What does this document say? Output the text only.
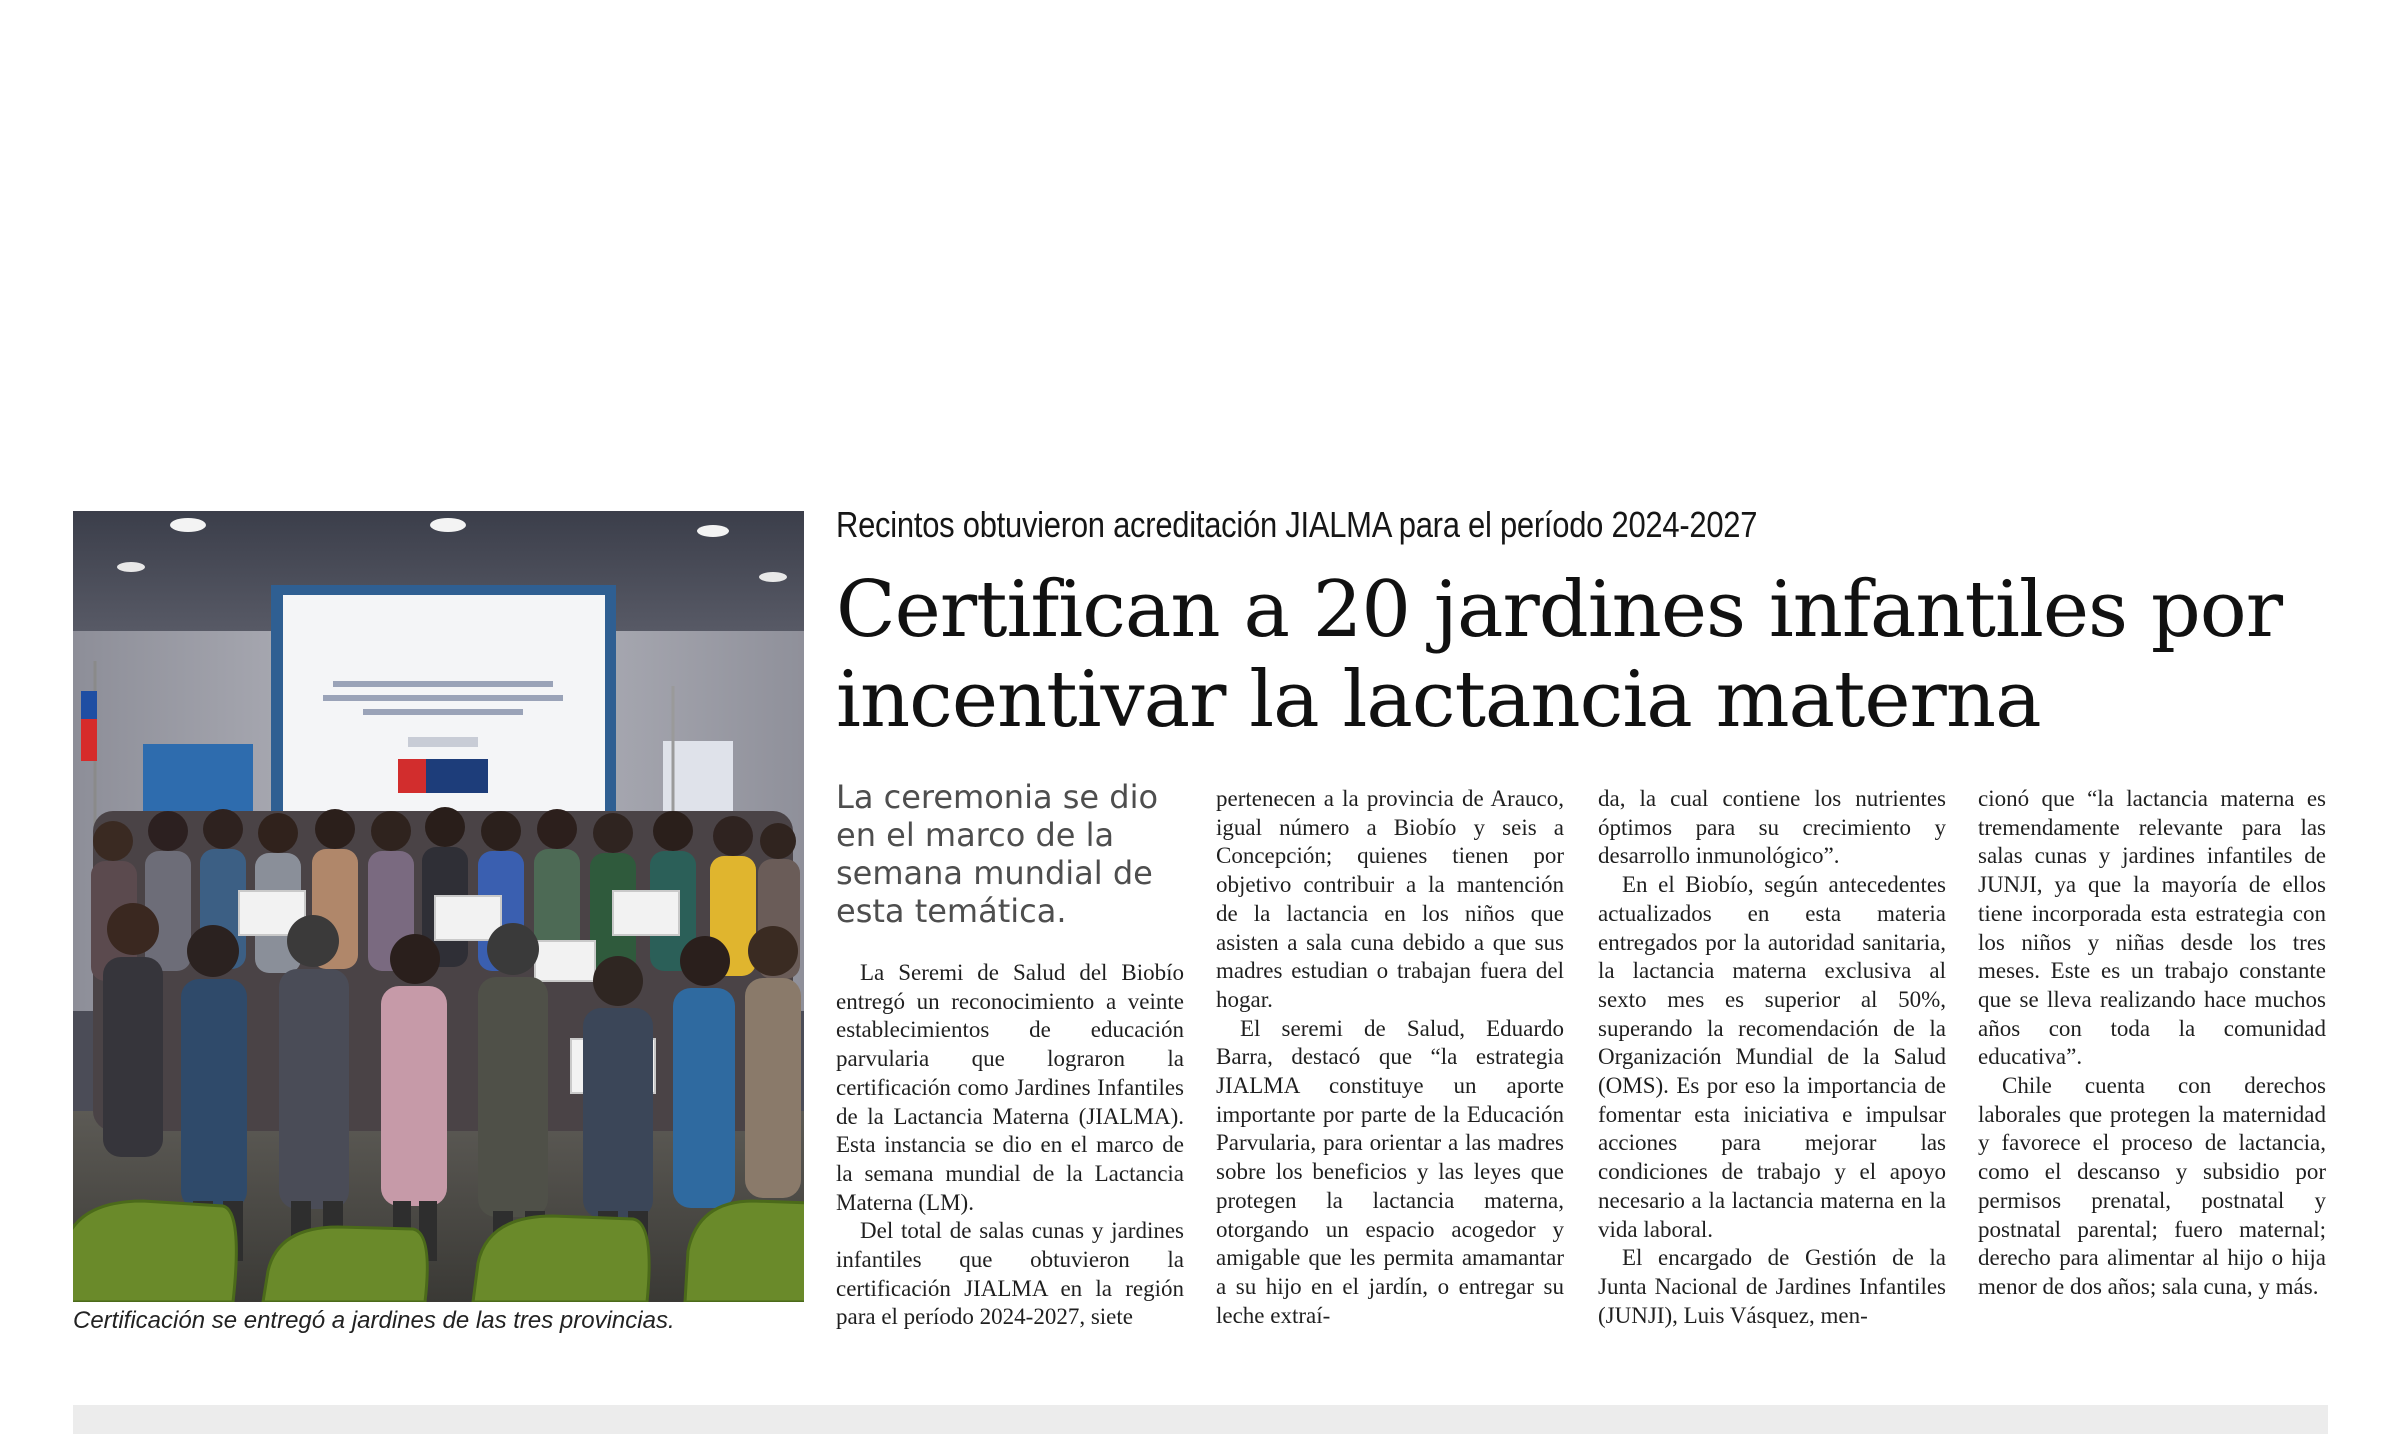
Certificación se entregó a jardines de las tres provincias.
Recintos obtuvieron acreditación JIALMA para el período 2024-2027
Certifican a 20 jardines infantiles por
incentivar la lactancia materna
La ceremonia se dio
en el marco de la
semana mundial de
esta temática.

La Seremi de Salud del Biobío entregó un reconocimiento a veinte establecimientos de educación parvularia que lograron la certificación como Jardines Infantiles de la Lactancia Materna (JIALMA). Esta instancia se dio en el marco de la semana mundial de la Lactancia Materna (LM).

Del total de salas cunas y jardines infantiles que obtuvieron la certificación JIALMA en la región para el período 2024-2027, siete

pertenecen a la provincia de Arauco, igual número a Biobío y seis a Concepción; quienes tienen por objetivo contribuir a la mantención de la lactancia en los niños que asisten a sala cuna debido a que sus madres estudian o trabajan fuera del hogar.

El seremi de Salud, Eduardo Barra, destacó que “la estrategia JIALMA constituye un aporte importante por parte de la Educación Parvularia, para orientar a las madres sobre los beneficios y las leyes que protegen la lactancia materna, otorgando un espacio acogedor y amigable que les permita amamantar a su hijo en el jardín, o entregar su leche extraí-

da, la cual contiene los nutrientes óptimos para su crecimiento y desarrollo inmunológico”.

En el Biobío, según antecedentes actualizados en esta materia entregados por la autoridad sanitaria, la lactancia materna exclusiva al sexto mes es superior al 50%, superando la recomendación de la Organización Mundial de la Salud (OMS). Es por eso la importancia de fomentar esta iniciativa e impulsar acciones para mejorar las condiciones de trabajo y el apoyo necesario a la lactancia materna en la vida laboral.

El encargado de Gestión de la Junta Nacional de Jardines Infantiles (JUNJI), Luis Vásquez, men-

cionó que “la lactancia materna es tremendamente relevante para las salas cunas y jardines infantiles de JUNJI, ya que la mayoría de ellos tiene incorporada esta estrategia con los niños y niñas desde los tres meses. Este es un trabajo constante que se lleva realizando hace muchos años con toda la comunidad educativa”.

Chile cuenta con derechos laborales que protegen la maternidad y favorece el proceso de lactancia, como el descanso y subsidio por permisos prenatal, postnatal y postnatal parental; fuero maternal; derecho para alimentar al hijo o hija menor de dos años; sala cuna, y más.
